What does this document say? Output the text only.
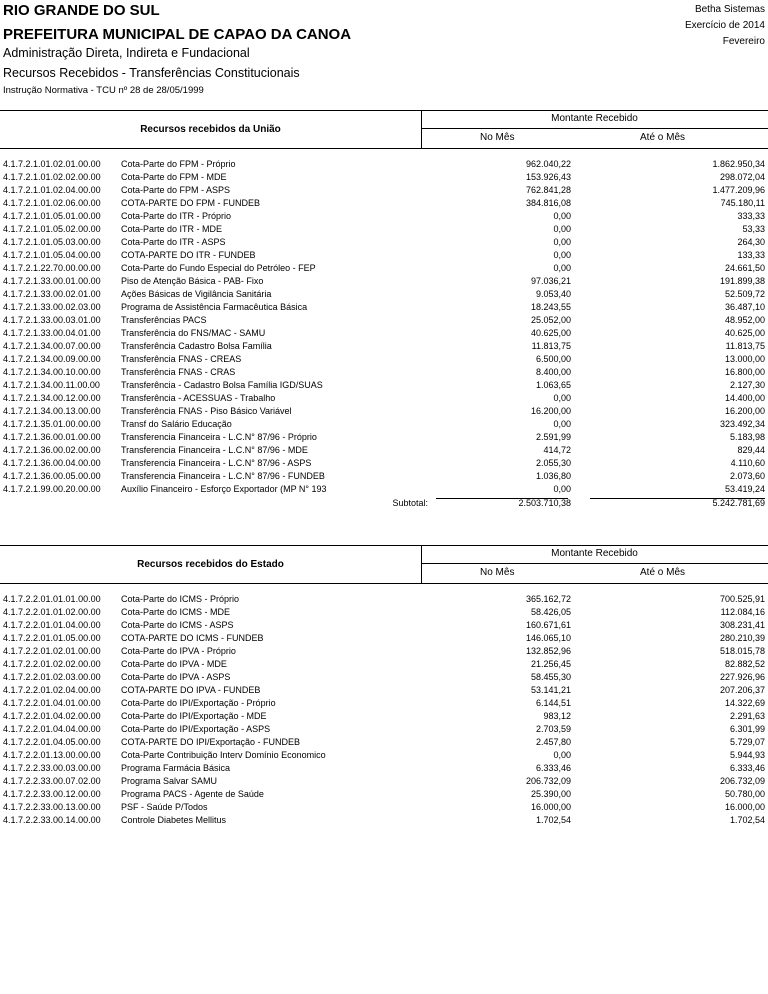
RIO GRANDE DO SUL
PREFEITURA MUNICIPAL DE CAPAO DA CANOA
Administração Direta, Indireta e Fundacional
Recursos Recebidos - Transferências Constitucionais
Instrução Normativa - TCU nº 28 de 28/05/1999
Betha Sistemas
Exercício de 2014
Fevereiro
Recursos recebidos da União
Montante Recebido
No Mês	Até o Mês
4.1.7.2.1.01.02.01.00.00 Cota-Parte do FPM - Próprio	962.040,22	1.862.950,34
4.1.7.2.1.01.02.02.00.00 Cota-Parte do FPM - MDE	153.926,43	298.072,04
4.1.7.2.1.01.02.04.00.00 Cota-Parte do FPM - ASPS	762.841,28	1.477.209,96
4.1.7.2.1.01.02.06.00.00 COTA-PARTE DO FPM - FUNDEB	384.816,08	745.180,11
4.1.7.2.1.01.05.01.00.00 Cota-Parte do ITR - Próprio	0,00	333,33
4.1.7.2.1.01.05.02.00.00 Cota-Parte do ITR - MDE	0,00	53,33
4.1.7.2.1.01.05.03.00.00 Cota-Parte do ITR - ASPS	0,00	264,30
4.1.7.2.1.01.05.04.00.00 COTA-PARTE DO ITR - FUNDEB	0,00	133,33
4.1.7.2.1.22.70.00.00.00 Cota-Parte do Fundo Especial do Petróleo - FEP	0,00	24.661,50
4.1.7.2.1.33.00.01.00.00 Piso de Atenção Básica - PAB- Fixo	97.036,21	191.899,38
4.1.7.2.1.33.00.02.01.00 Ações Básicas de Vigilância Sanitária	9.053,40	52.509,72
4.1.7.2.1.33.00.02.03.00 Programa de Assistência Farmacêutica Básica	18.243,55	36.487,10
4.1.7.2.1.33.00.03.01.00 Transferências PACS	25.052,00	48.952,00
4.1.7.2.1.33.00.04.01.00 Transferência do FNS/MAC - SAMU	40.625,00	40.625,00
4.1.7.2.1.34.00.07.00.00 Transferência Cadastro Bolsa Família	11.813,75	11.813,75
4.1.7.2.1.34.00.09.00.00 Transferência FNAS - CREAS	6.500,00	13.000,00
4.1.7.2.1.34.00.10.00.00 Transferência FNAS - CRAS	8.400,00	16.800,00
4.1.7.2.1.34.00.11.00.00 Transferência - Cadastro Bolsa Família IGD/SUAS	1.063,65	2.127,30
4.1.7.2.1.34.00.12.00.00 Transferência - ACESSUAS - Trabalho	0,00	14.400,00
4.1.7.2.1.34.00.13.00.00 Transferência FNAS - Piso Básico Variável	16.200,00	16.200,00
4.1.7.2.1.35.01.00.00.00 Transf do Salário Educação	0,00	323.492,34
4.1.7.2.1.36.00.01.00.00 Transferencia Financeira - L.C.N° 87/96 - Próprio	2.591,99	5.183,98
4.1.7.2.1.36.00.02.00.00 Transferencia Financeira - L.C.N° 87/96 - MDE	414,72	829,44
4.1.7.2.1.36.00.04.00.00 Transferencia Financeira - L.C.N° 87/96 - ASPS	2.055,30	4.110,60
4.1.7.2.1.36.00.05.00.00 Transferencia Financeira - L.C.N° 87/96 - FUNDEB	1.036,80	2.073,60
4.1.7.2.1.99.00.20.00.00 Auxílio Financeiro - Esforço Exportador (MP N° 193	0,00	53.419,24
Subtotal:	2.503.710,38	5.242.781,69
Recursos recebidos do Estado
Montante Recebido
No Mês	Até o Mês
4.1.7.2.2.01.01.01.00.00 Cota-Parte do ICMS - Próprio	365.162,72	700.525,91
4.1.7.2.2.01.01.02.00.00 Cota-Parte do ICMS - MDE	58.426,05	112.084,16
4.1.7.2.2.01.01.04.00.00 Cota-Parte do ICMS - ASPS	160.671,61	308.231,41
4.1.7.2.2.01.01.05.00.00 COTA-PARTE DO ICMS - FUNDEB	146.065,10	280.210,39
4.1.7.2.2.01.02.01.00.00 Cota-Parte do IPVA - Próprio	132.852,96	518.015,78
4.1.7.2.2.01.02.02.00.00 Cota-Parte do IPVA - MDE	21.256,45	82.882,52
4.1.7.2.2.01.02.03.00.00 Cota-Parte do IPVA - ASPS	58.455,30	227.926,96
4.1.7.2.2.01.02.04.00.00 COTA-PARTE DO IPVA - FUNDEB	53.141,21	207.206,37
4.1.7.2.2.01.04.01.00.00 Cota-Parte do IPI/Exportação - Próprio	6.144,51	14.322,69
4.1.7.2.2.01.04.02.00.00 Cota-Parte do IPI/Exportação - MDE	983,12	2.291,63
4.1.7.2.2.01.04.04.00.00 Cota-Parte do IPI/Exportação - ASPS	2.703,59	6.301,99
4.1.7.2.2.01.04.05.00.00 COTA-PARTE DO IPI/Exportação - FUNDEB	2.457,80	5.729,07
4.1.7.2.2.01.13.00.00.00 Cota-Parte Contribuição Interv Domínio Economico	0,00	5.944,93
4.1.7.2.2.33.00.03.00.00 Programa Farmácia Básica	6.333,46	6.333,46
4.1.7.2.2.33.00.07.02.00 Programa Salvar SAMU	206.732,09	206.732,09
4.1.7.2.2.33.00.12.00.00 Programa PACS - Agente de Saúde	25.390,00	50.780,00
4.1.7.2.2.33.00.13.00.00 PSF - Saúde P/Todos	16.000,00	16.000,00
4.1.7.2.2.33.00.14.00.00 Controle Diabetes Mellitus	1.702,54	1.702,54
